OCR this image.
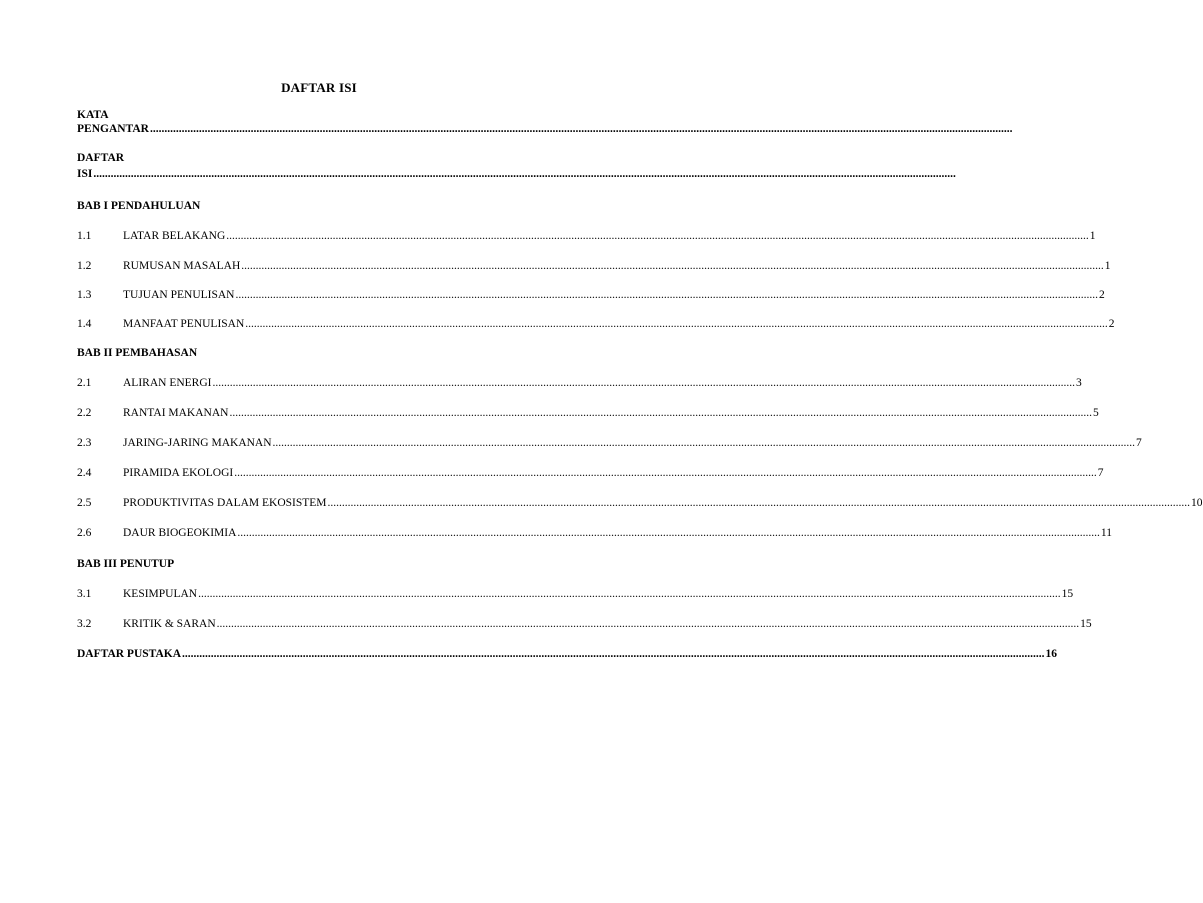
DAFTAR ISI
KATA
PENGANTAR ............................................................................................................................................................................................................................................................................................................
DAFTAR
ISI ............................................................................................................................................................................................................................................................................................................
BAB I PENDAHULUAN
1.1	LATAR BELAKANG ............................................................................................................................................................................................................................................................................................................ 1
1.2	RUMUSAN MASALAH ............................................................................................................................................................................................................................................................................................................ 1
1.3	TUJUAN PENULISAN ............................................................................................................................................................................................................................................................................................................ 2
1.4	MANFAAT PENULISAN ............................................................................................................................................................................................................................................................................................................ 2
BAB II PEMBAHASAN
2.1	ALIRAN ENERGI ............................................................................................................................................................................................................................................................................................................ 3
2.2	RANTAI MAKANAN ............................................................................................................................................................................................................................................................................................................ 5
2.3	JARING-JARING MAKANAN ............................................................................................................................................................................................................................................................................................................ 7
2.4	PIRAMIDA EKOLOGI ............................................................................................................................................................................................................................................................................................................ 7
2.5	PRODUKTIVITAS DALAM EKOSISTEM ............................................................................................................................................................................................................................................................................................................ 10
2.6	DAUR BIOGEOKIMIA ............................................................................................................................................................................................................................................................................................................ 11
BAB III PENUTUP
3.1	KESIMPULAN ............................................................................................................................................................................................................................................................................................................ 15
3.2	KRITIK & SARAN ............................................................................................................................................................................................................................................................................................................ 15
DAFTAR PUSTAKA ............................................................................................................................................................................................................................................................................................................ 16
